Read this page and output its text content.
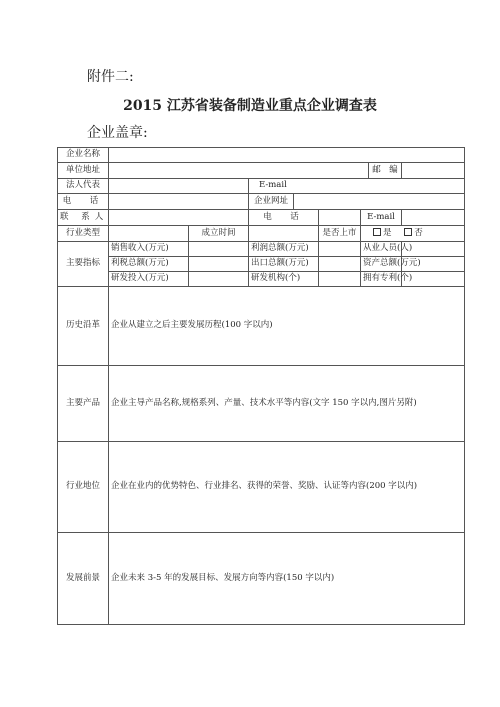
附件二:
2015 江苏省装备制造业重点企业调查表
企业盖章:
企业名称								
单位地址							邮　编	
法人代表			E-mail					
电　话			企业网址					
联 系人			电　话			E-mail		
行业类型		成立时间			是否上市	是 否		
主要指标	销售收入(万元)		利润总额(万元)			从业人员(人)		
	利税总额(万元)		出口总额(万元)			资产总额(万元)		
	研发投入(万元)		研发机构(个)			拥有专利(个)		
历史沿革	企业从建立之后主要发展历程(100 字以内)							
主要产品	企业主导产品名称,规格系列、产量、技术水平等内容(文字 150 字以内,图片另附)							
行业地位	企业在业内的优势特色、行业排名、获得的荣誉、奖励、认证等内容(200 字以内)							
发展前景	企业未来 3-5 年的发展目标、发展方向等内容(150 字以内)							
